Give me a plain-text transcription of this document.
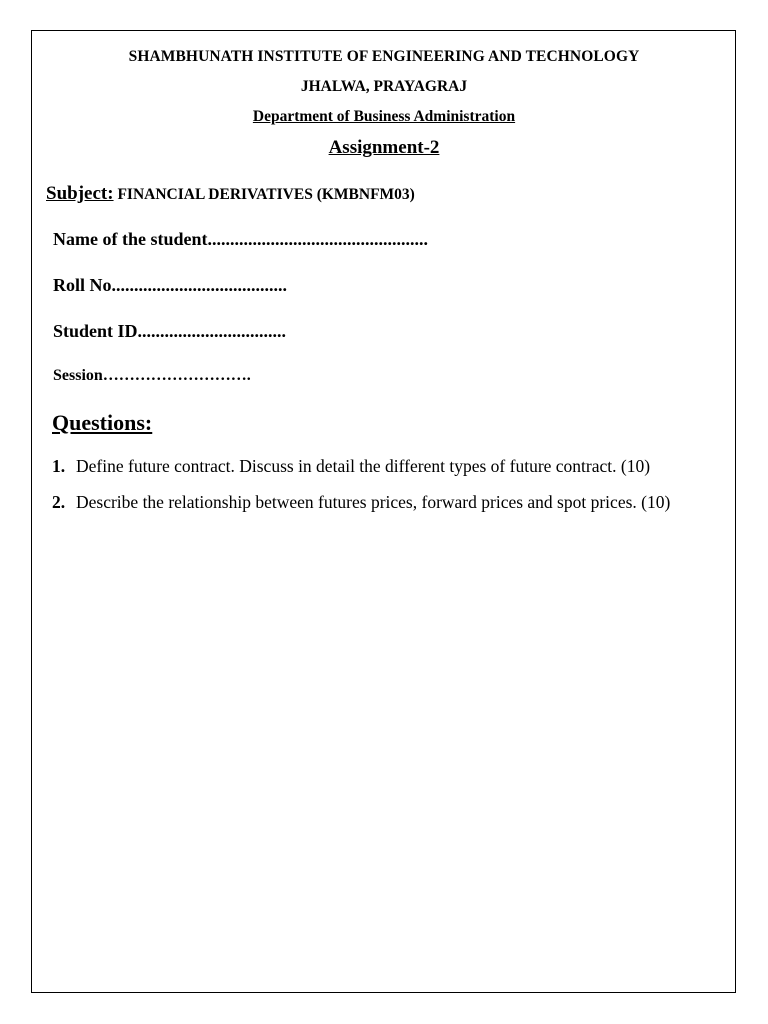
SHAMBHUNATH INSTITUTE OF ENGINEERING AND TECHNOLOGY
JHALWA, PRAYAGRAJ
Department of Business Administration
Assignment-2
Subject: FINANCIAL DERIVATIVES (KMBNFM03)
Name of the student.................................................
Roll No.......................................
Student ID.................................
Session……………………….
Questions:
1. Define future contract. Discuss in detail the different types of future contract. (10)
2. Describe the relationship between futures prices, forward prices and spot prices. (10)
